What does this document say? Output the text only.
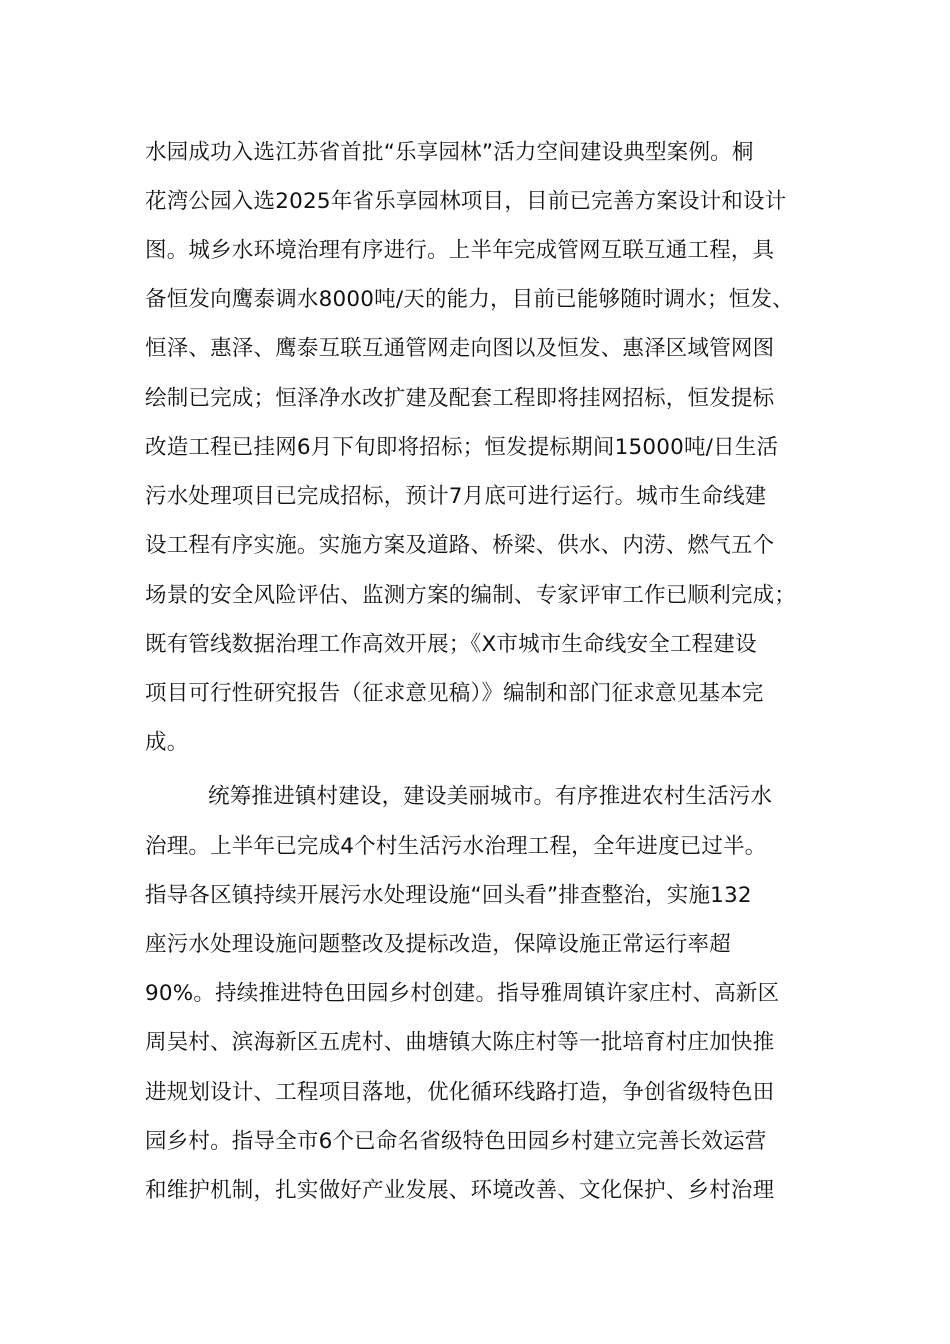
水园成功入选江苏省首批“乐享园林”活力空间建设典型案例。桐

花湾公园入选2025年省乐享园林项目，目前已完善方案设计和设计

图。城乡水环境治理有序进行。上半年完成管网互联互通工程，具

备恒发向鹰泰调水8000吨/天的能力，目前已能够随时调水；恒发、

恒泽、惠泽、鹰泰互联互通管网走向图以及恒发、惠泽区域管网图

绘制已完成；恒泽净水改扩建及配套工程即将挂网招标，恒发提标

改造工程已挂网6月下旬即将招标；恒发提标期间15000吨/日生活

污水处理项目已完成招标，预计7月底可进行运行。城市生命线建

设工程有序实施。实施方案及道路、桥梁、供水、内涝、燃气五个

场景的安全风险评估、监测方案的编制、专家评审工作已顺利完成；

既有管线数据治理工作高效开展；《X市城市生命线安全工程建设

项目可行性研究报告（征求意见稿）》编制和部门征求意见基本完

成。

统筹推进镇村建设，建设美丽城市。有序推进农村生活污水

治理。上半年已完成4个村生活污水治理工程，全年进度已过半。

指导各区镇持续开展污水处理设施“回头看”排查整治，实施132

座污水处理设施问题整改及提标改造，保障设施正常运行率超

90%。持续推进特色田园乡村创建。指导雅周镇许家庄村、高新区

周吴村、滨海新区五虎村、曲塘镇大陈庄村等一批培育村庄加快推

进规划设计、工程项目落地，优化循环线路打造，争创省级特色田

园乡村。指导全市6个已命名省级特色田园乡村建立完善长效运营

和维护机制，扎实做好产业发展、环境改善、文化保护、乡村治理
